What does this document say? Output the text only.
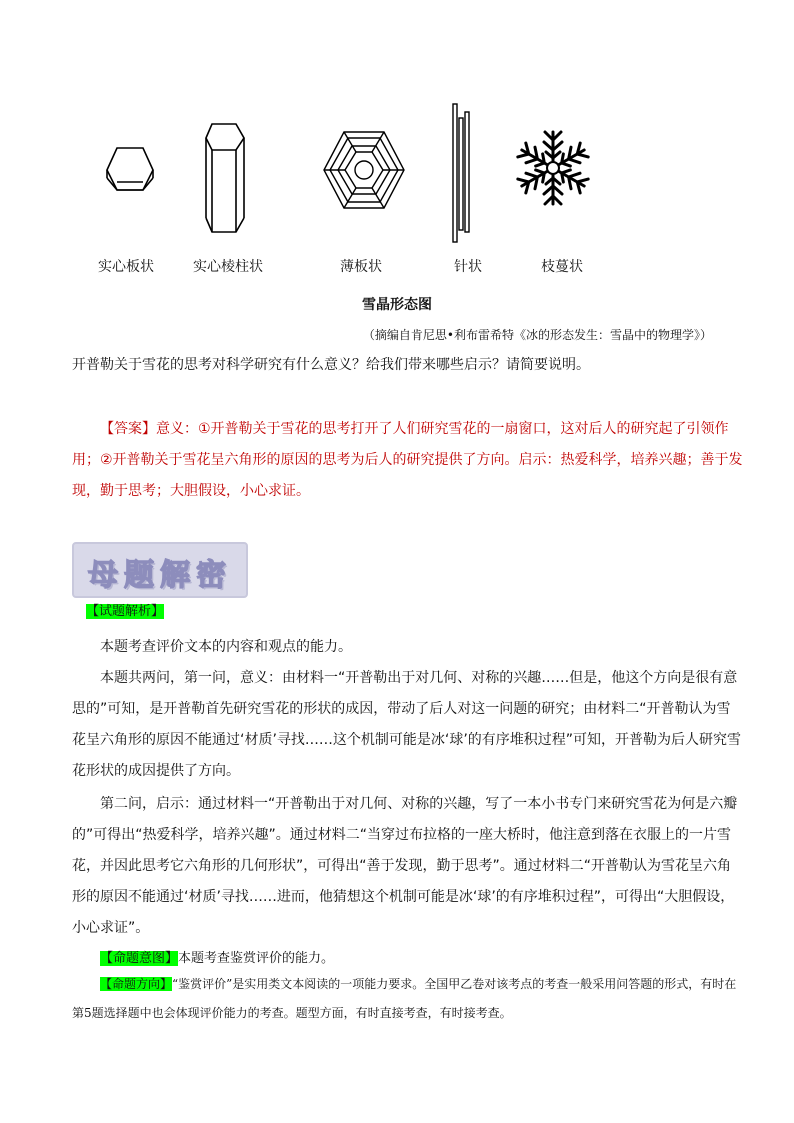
实心板状	实心棱柱状	薄板状	针状	枝蔓状
雪晶形态图
（摘编自肯尼思•利布雷希特《冰的形态发生：雪晶中的物理学》）
开普勒关于雪花的思考对科学研究有什么意义？给我们带来哪些启示？请简要说明。
【答案】意义：①开普勒关于雪花的思考打开了人们研究雪花的一扇窗口，这对后人的研究起了引领作用；②开普勒关于雪花呈六角形的原因的思考为后人的研究提供了方向。启示：热爱科学，培养兴趣；善于发现，勤于思考；大胆假设，小心求证。
母题解密
【试题解析】
本题考查评价文本的内容和观点的能力。
本题共两问，第一问，意义：由材料一“开普勒出于对几何、对称的兴趣……但是，他这个方向是很有意思的”可知，是开普勒首先研究雪花的形状的成因，带动了后人对这一问题的研究；由材料二“开普勒认为雪花呈六角形的原因不能通过‘材质’寻找……这个机制可能是冰‘球’的有序堆积过程”可知，开普勒为后人研究雪花形状的成因提供了方向。
第二问，启示：通过材料一“开普勒出于对几何、对称的兴趣，写了一本小书专门来研究雪花为何是六瓣的”可得出“热爱科学，培养兴趣”。通过材料二“当穿过布拉格的一座大桥时，他注意到落在衣服上的一片雪花，并因此思考它六角形的几何形状”，可得出“善于发现，勤于思考”。通过材料二“开普勒认为雪花呈六角形的原因不能通过‘材质’寻找……进而，他猜想这个机制可能是冰‘球’的有序堆积过程”，可得出“大胆假设，小心求证”。
【命题意图】本题考查鉴赏评价的能力。
【命题方向】“鉴赏评价”是实用类文本阅读的一项能力要求。全国甲乙卷对该考点的考查一般采用问答题的形式，有时在第5题选择题中也会体现评价能力的考查。题型方面，有时直接考查，有时接考查。
